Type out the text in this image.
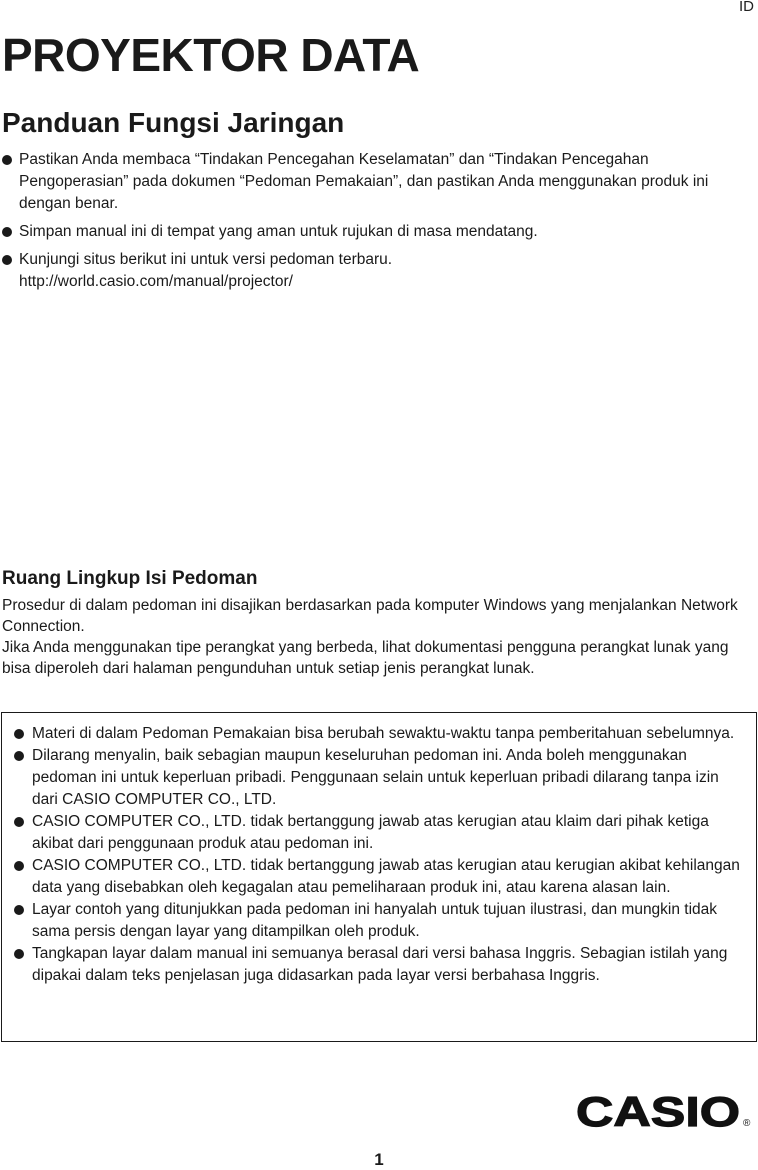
ID
PROYEKTOR DATA
Panduan Fungsi Jaringan
Pastikan Anda membaca “Tindakan Pencegahan Keselamatan” dan “Tindakan Pencegahan Pengoperasian” pada dokumen “Pedoman Pemakaian”, dan pastikan Anda menggunakan produk ini dengan benar.
Simpan manual ini di tempat yang aman untuk rujukan di masa mendatang.
Kunjungi situs berikut ini untuk versi pedoman terbaru.
http://world.casio.com/manual/projector/
Ruang Lingkup Isi Pedoman

Prosedur di dalam pedoman ini disajikan berdasarkan pada komputer Windows yang menjalankan Network Connection.

Jika Anda menggunakan tipe perangkat yang berbeda, lihat dokumentasi pengguna perangkat lunak yang bisa diperoleh dari halaman pengunduhan untuk setiap jenis perangkat lunak.

Materi di dalam Pedoman Pemakaian bisa berubah sewaktu-waktu tanpa pemberitahuan sebelumnya.
Dilarang menyalin, baik sebagian maupun keseluruhan pedoman ini. Anda boleh menggunakan pedoman ini untuk keperluan pribadi. Penggunaan selain untuk keperluan pribadi dilarang tanpa izin dari CASIO COMPUTER CO., LTD.
CASIO COMPUTER CO., LTD. tidak bertanggung jawab atas kerugian atau klaim dari pihak ketiga akibat dari penggunaan produk atau pedoman ini.
CASIO COMPUTER CO., LTD. tidak bertanggung jawab atas kerugian atau kerugian akibat kehilangan data yang disebabkan oleh kegagalan atau pemeliharaan produk ini, atau karena alasan lain.
Layar contoh yang ditunjukkan pada pedoman ini hanyalah untuk tujuan ilustrasi, dan mungkin tidak sama persis dengan layar yang ditampilkan oleh produk.
Tangkapan layar dalam manual ini semuanya berasal dari versi bahasa Inggris. Sebagian istilah yang dipakai dalam teks penjelasan juga didasarkan pada layar versi berbahasa Inggris.
CASIO ®
1
